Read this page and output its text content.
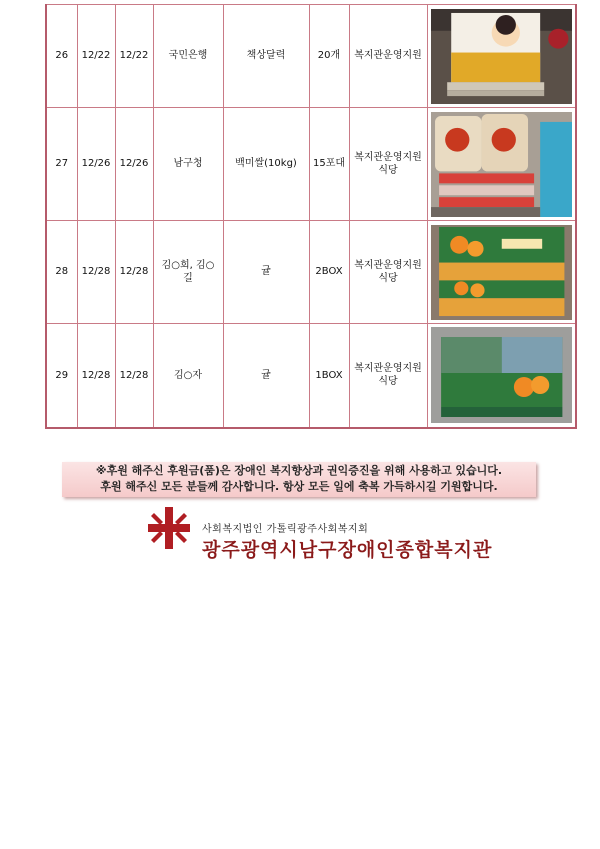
26	12/22	12/22	국민은행	책상달력	20개	복지관운영지원	

27	12/26	12/26	남구청	백미쌀(10kg)	15포대	복지관운영지원
식당	

28	12/28	12/28	김○희, 김○
길	귤	2BOX	복지관운영지원
식당	

29	12/28	12/28	김○자	귤	1BOX	복지관운영지원
식당	
※후원 해주신 후원금(품)은 장애인 복지향상과 권익증진을 위해 사용하고 있습니다.
후원 해주신 모든 분들께 감사합니다. 항상 모든 일에 축복 가득하시길 기원합니다.
사회복지법인 가톨릭광주사회복지회
광주광역시남구장애인종합복지관
